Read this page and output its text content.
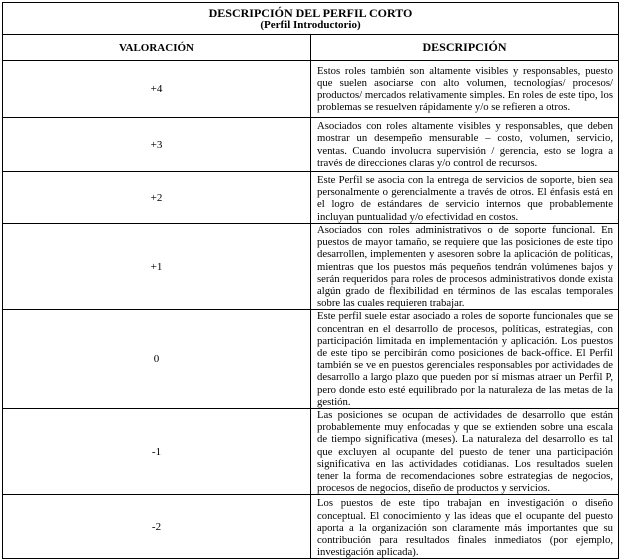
DESCRIPCIÓN DEL PERFIL CORTO
(Perfil Introductorio)	

VALORACIÓN	DESCRIPCIÓN
+4	Estos roles también son altamente visibles y responsables, puesto que suelen asociarse con alto volumen, tecnologías/ procesos/ productos/ mercados relativamente simples. En roles de este tipo, los problemas se resuelven rápidamente y/o se refieren a otros.
+3	Asociados con roles altamente visibles y responsables, que deben mostrar un desempeño mensurable – costo, volumen, servicio, ventas. Cuando involucra supervisión / gerencia, esto se logra a través de direcciones claras y/o control de recursos.
+2	Este Perfil se asocia con la entrega de servicios de soporte, bien sea personalmente o gerencialmente a través de otros. El énfasis está en el logro de estándares de servicio internos que probablemente incluyan puntualidad y/o efectividad en costos.
+1	Asociados con roles administrativos o de soporte funcional. En puestos de mayor tamaño, se requiere que las posiciones de este tipo desarrollen, implementen y asesoren sobre la aplicación de políticas, mientras que los puestos más pequeños tendrán volúmenes bajos y serán requeridos para roles de procesos administrativos donde exista algún grado de flexibilidad en términos de las escalas temporales sobre las cuales requieren trabajar.
0	Este perfil suele estar asociado a roles de soporte funcionales que se concentran en el desarrollo de procesos, políticas, estrategias, con participación limitada en implementación y aplicación. Los puestos de este tipo se percibirán como posiciones de back-office. El Perfil también se ve en puestos gerenciales responsables por actividades de desarrollo a largo plazo que pueden por sí mismas atraer un Perfil P, pero donde esto esté equilibrado por la naturaleza de las metas de la gestión.
-1	Las posiciones se ocupan de actividades de desarrollo que están probablemente muy enfocadas y que se extienden sobre una escala de tiempo significativa (meses). La naturaleza del desarrollo es tal que excluyen al ocupante del puesto de tener una participación significativa en las actividades cotidianas. Los resultados suelen tener la forma de recomendaciones sobre estrategias de negocios, procesos de negocios, diseño de productos y servicios.
-2	Los puestos de este tipo trabajan en investigación o diseño conceptual. El conocimiento y las ideas que el ocupante del puesto aporta a la organización son claramente más importantes que su contribución para resultados finales inmediatos (por ejemplo, investigación aplicada).
